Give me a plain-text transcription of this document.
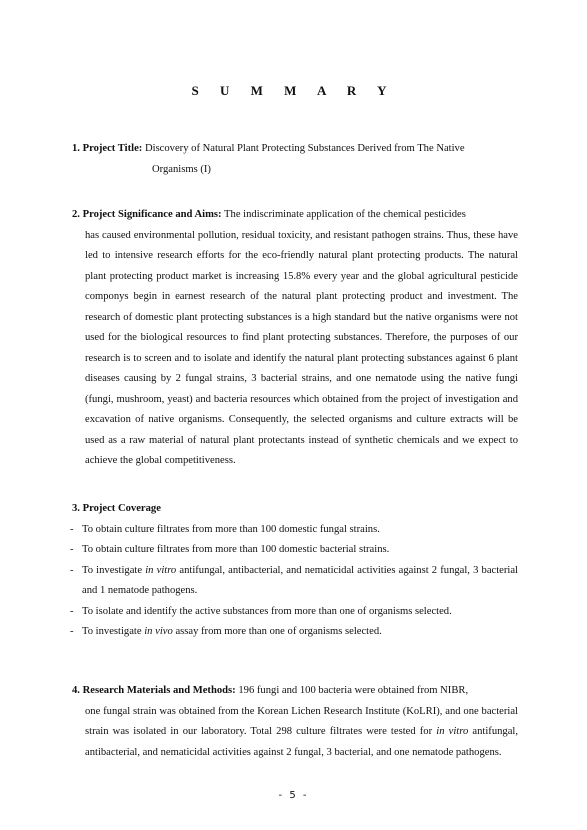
S U M M A R Y
1. Project Title: Discovery of Natural Plant Protecting Substances Derived from The Native
Organisms (I)
2. Project Significance and Aims: The indiscriminate application of the chemical pesticides
has caused environmental pollution, residual toxicity, and resistant pathogen strains. Thus, these have led to intensive research efforts for the eco-friendly natural plant protecting products. The natural plant protecting product market is increasing 15.8% every year and the global agricultural pesticide componys begin in earnest research of the natural plant protecting product and investment. The research of domestic plant protecting substances is a high standard but the native organisms were not used for the biological resources to find plant protecting substances. Therefore, the purposes of our research is to screen and to isolate and identify the natural plant protecting substances against 6 plant diseases causing by 2 fungal strains, 3 bacterial strains, and one nematode using the native fungi (fungi, mushroom, yeast) and bacteria resources which obtained from the project of investigation and excavation of native organisms. Consequently, the selected organisms and culture extracts will be used as a raw material of natural plant protectants instead of synthetic chemicals and we expect to achieve the global competitiveness.
3. Project Coverage
- To obtain culture filtrates from more than 100 domestic fungal strains.
- To obtain culture filtrates from more than 100 domestic bacterial strains.
- To investigate in vitro antifungal, antibacterial, and nematicidal activities against 2 fungal, 3 bacterial and 1 nematode pathogens.
- To isolate and identify the active substances from more than one of organisms selected.
- To investigate in vivo assay from more than one of organisms selected.
4. Research Materials and Methods: 196 fungi and 100 bacteria were obtained from NIBR,
one fungal strain was obtained from the Korean Lichen Research Institute (KoLRI), and one bacterial strain was isolated in our laboratory. Total 298 culture filtrates were tested for in vitro antifungal, antibacterial, and nematicidal activities against 2 fungal, 3 bacterial, and one nematode pathogens.
- 5 -
